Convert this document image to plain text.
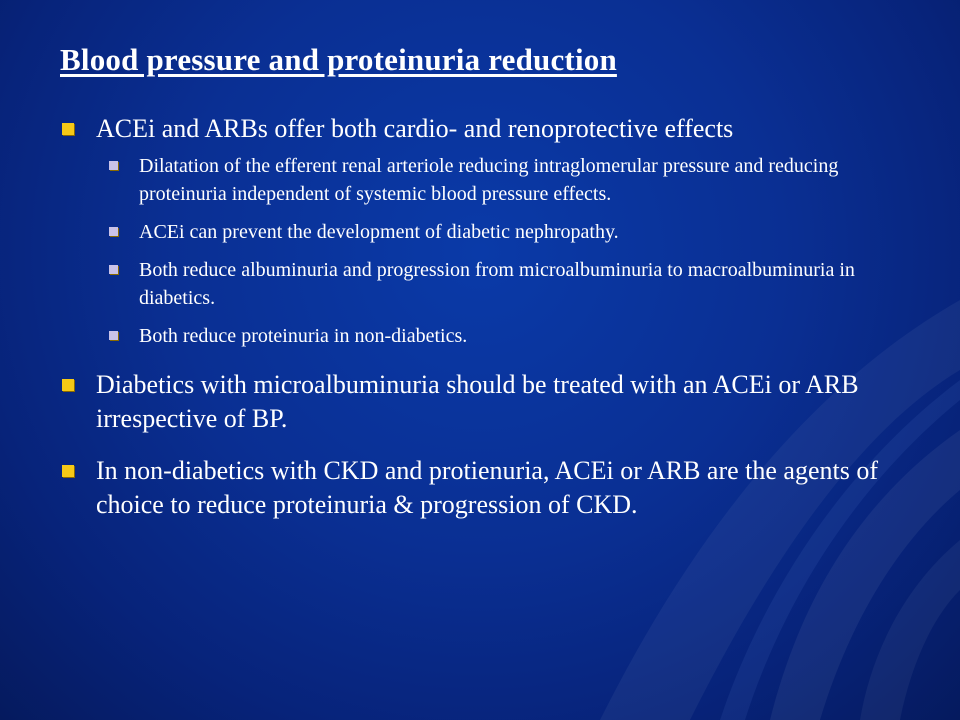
Blood pressure and proteinuria reduction
ACEi and ARBs offer both cardio- and renoprotective effects
Dilatation of the efferent renal arteriole reducing intraglomerular pressure and reducing proteinuria independent of systemic blood pressure effects.
ACEi can prevent the development of diabetic nephropathy.
Both reduce albuminuria and progression from microalbuminuria to macroalbuminuria in diabetics.
Both reduce proteinuria in non-diabetics.
Diabetics with microalbuminuria should be treated with an ACEi or ARB irrespective of BP.
In non-diabetics with CKD and protienuria, ACEi or ARB are the agents of choice to reduce proteinuria & progression of CKD.
